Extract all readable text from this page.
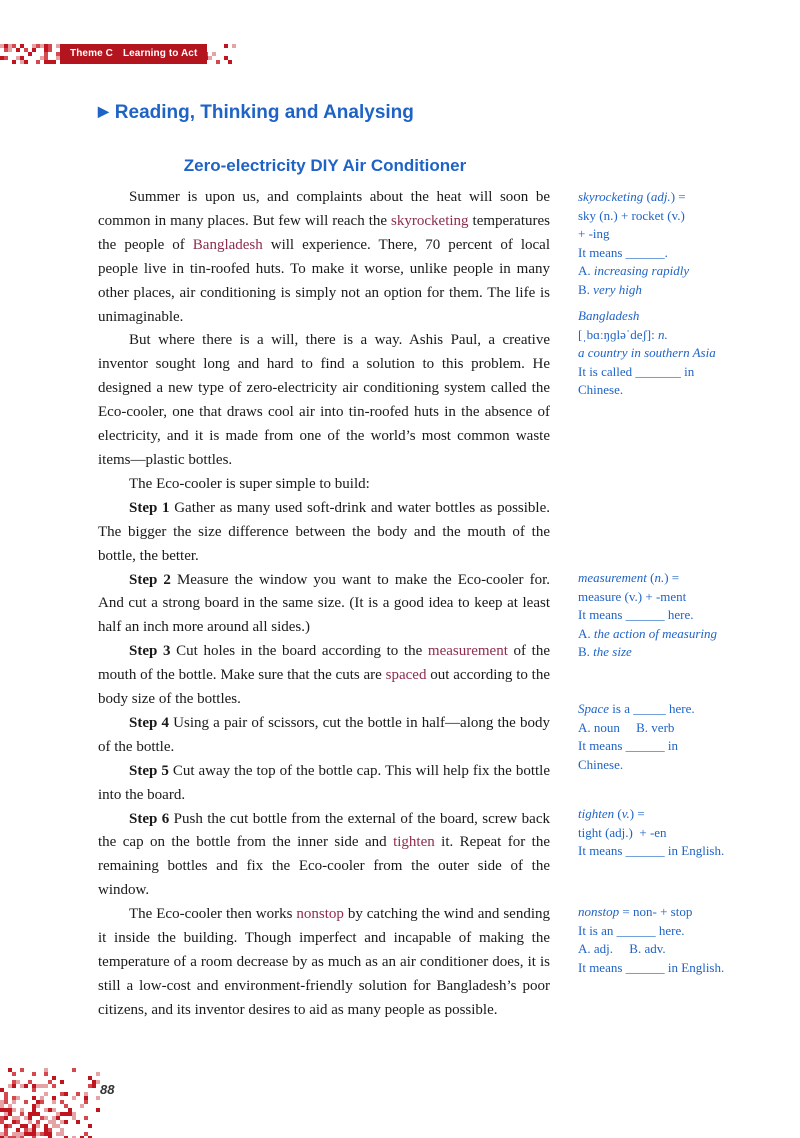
Theme C Learning to Act
▶ Reading, Thinking and Analysing
Zero-electricity DIY Air Conditioner

Summer is upon us, and complaints about the heat will soon be common in many places. But few will reach the skyrocketing temperatures the people of Bangladesh will experience. There, 70 percent of local people live in tin-roofed huts. To make it worse, unlike people in many other places, air conditioning is simply not an option for them. The life is unimaginable.

But where there is a will, there is a way. Ashis Paul, a creative inventor sought long and hard to find a solution to this problem. He designed a new type of zero-electricity air conditioning system called the Eco-cooler, one that draws cool air into tin-roofed huts in the absence of electricity, and it is made from one of the world’s most common waste items—plastic bottles.

The Eco-cooler is super simple to build:

Step 1 Gather as many used soft-drink and water bottles as possible. The bigger the size difference between the body and the mouth of the bottle, the better.

Step 2 Measure the window you want to make the Eco-cooler for. And cut a strong board in the same size. (It is a good idea to keep at least half an inch more around all sides.)

Step 3 Cut holes in the board according to the measurement of the mouth of the bottle. Make sure that the cuts are spaced out according to the body size of the bottles.

Step 4 Using a pair of scissors, cut the bottle in half—along the body of the bottle.

Step 5 Cut away the top of the bottle cap. This will help fix the bottle into the board.

Step 6 Push the cut bottle from the external of the board, screw back the cap on the bottle from the inner side and tighten it. Repeat for the remaining bottles and fix the Eco-cooler from the outer side of the window.

The Eco-cooler then works nonstop by catching the wind and sending it inside the building. Though imperfect and incapable of making the temperature of a room decrease by as much as an air conditioner does, it is still a low-cost and environment-friendly solution for Bangladesh’s poor citizens, and its inventor desires to aid as many people as possible.

skyrocketing (adj.) =
sky (n.) + rocket (v.)
+ -ing
It means ______.
A. increasing rapidly
B. very high
Bangladesh
[ˌbɑːŋɡləˈdeʃ]: n.
a country in southern Asia
It is called _______ in Chinese.
measurement (n.) =
measure (v.) + -ment
It means ______ here.
A. the action of measuring
B. the size
Space is a _____ here.
A. noun     B. verb
It means ______ in Chinese.
tighten (v.) =
tight (adj.)  + -en
It means ______ in English.
nonstop = non- + stop
It is an ______ here.
A. adj. B. adv.
It means ______ in English.
88
